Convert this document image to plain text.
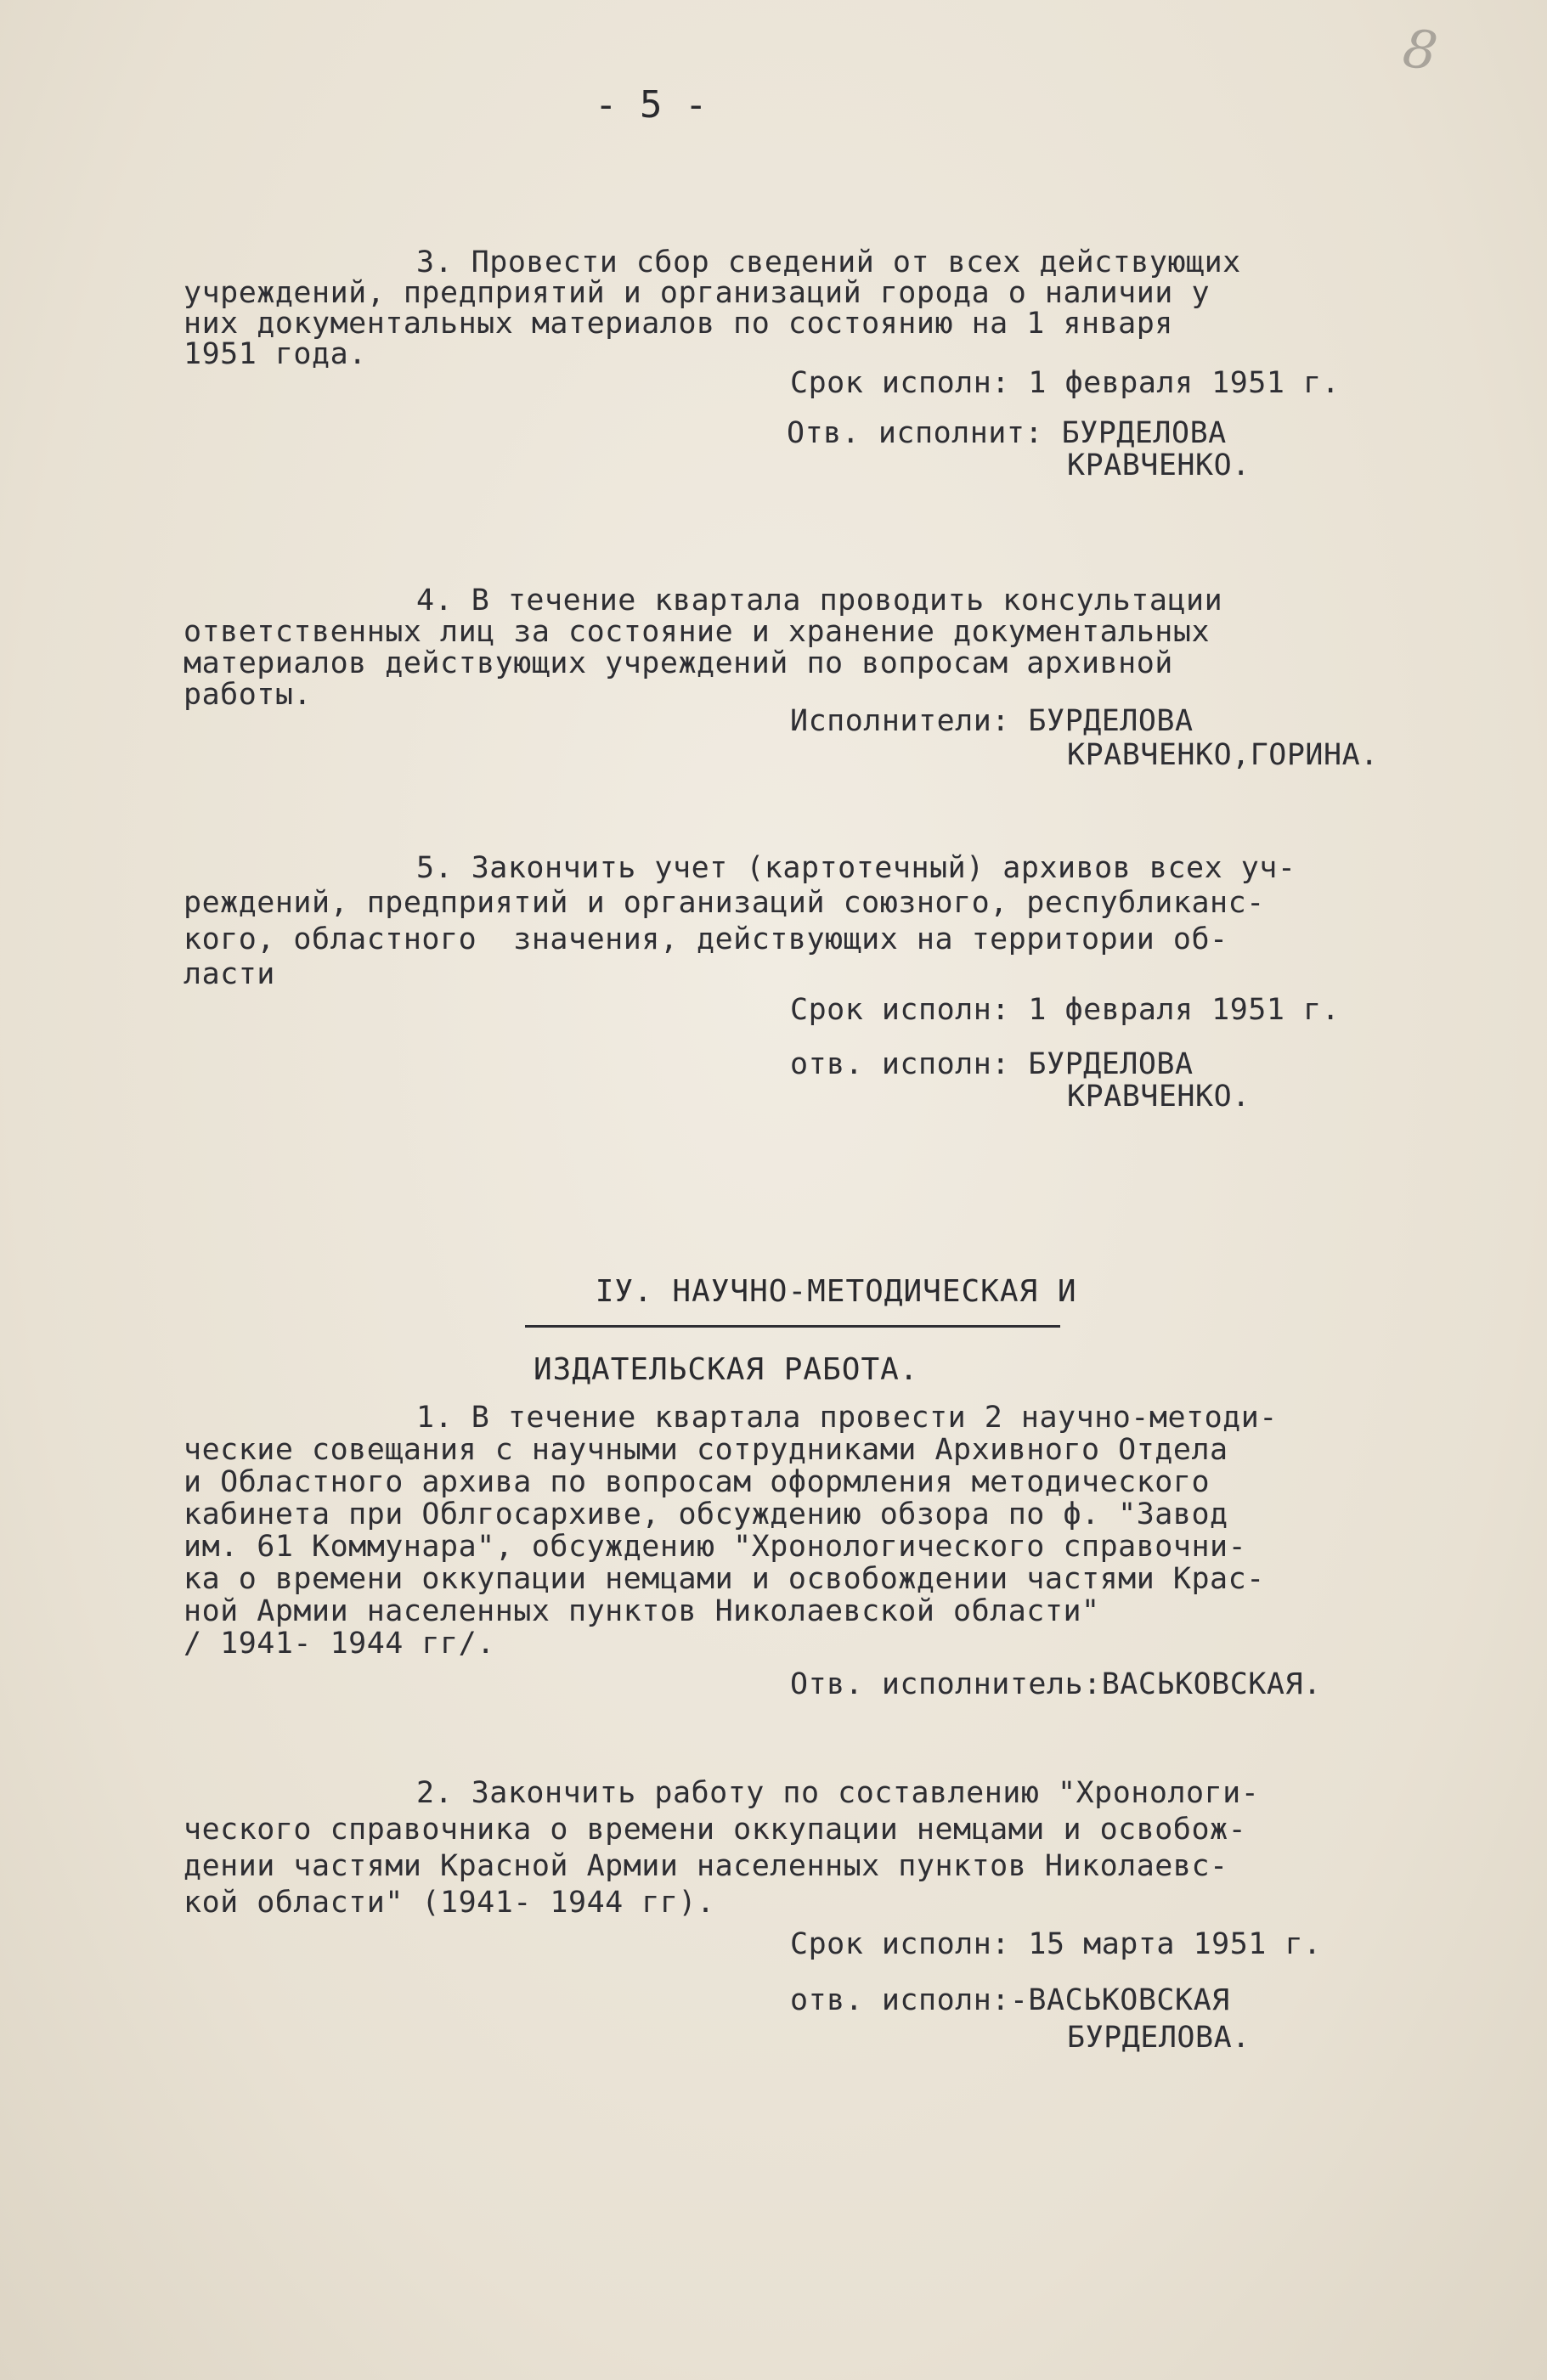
8
- 5 -
3. Провести сбор сведений от всех действующих
учреждений, предприятий и организаций города о наличии у
них документальных материалов по состоянию на 1 января
1951 года.
Срок исполн: 1 февраля 1951 г.
Отв. исполнит: БУРДЕЛОВА
КРАВЧЕНКО.
4. В течение квартала проводить консультации
ответственных лиц за состояние и хранение документальных
материалов действующих учреждений по вопросам архивной
работы.
Исполнители: БУРДЕЛОВА
КРАВЧЕНКО,ГОРИНА.
5. Закончить учет (картотечный) архивов всех уч-
реждений, предприятий и организаций союзного, республиканс-
кого, областного  значения, действующих на территории об-
ласти
Срок исполн: 1 февраля 1951 г.
отв. исполн: БУРДЕЛОВА
КРАВЧЕНКО.

IУ. НАУЧНО-МЕТОДИЧЕСКАЯ И

ИЗДАТЕЛЬСКАЯ РАБОТА.

1. В течение квартала провести 2 научно-методи-
ческие совещания с научными сотрудниками Архивного Отдела
и Областного архива по вопросам оформления методического
кабинета при Облгосархиве, обсуждению обзора по ф. "Завод
им. 61 Коммунара", обсуждению "Хронологического справочни-
ка о времени оккупации немцами и освобождении частями Крас-
ной Армии населенных пунктов Николаевской области"
/ 1941- 1944 гг/.
Отв. исполнитель:ВАСЬКОВСКАЯ.
2. Закончить работу по составлению "Хронологи-
ческого справочника о времени оккупации немцами и освобож-
дении частями Красной Армии населенных пунктов Николаевс-
кой области" (1941- 1944 гг).
Срок исполн: 15 марта 1951 г.
отв. исполн:-ВАСЬКОВСКАЯ
БУРДЕЛОВА.
